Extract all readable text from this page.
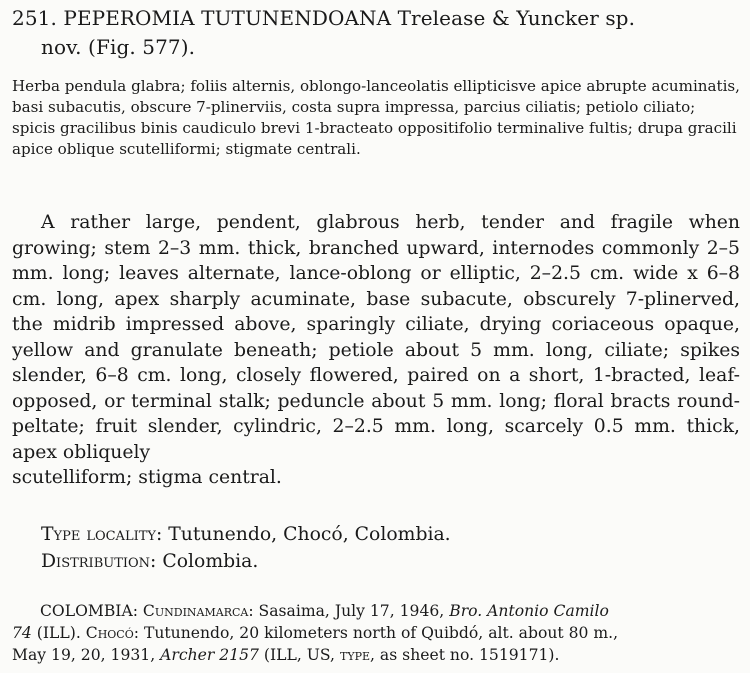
251. PEPEROMIA TUTUNENDOANA Trelease & Yuncker sp.
nov. (Fig. 577).
Herba pendula glabra; foliis alternis, oblongo-lanceolatis ellipticisve apice abrupte acuminatis, basi subacutis, obscure 7-plinerviis, costa supra impressa, parcius ciliatis; petiolo ciliato; spicis gracilibus binis caudiculo brevi 1-bracteato oppositifolio terminalive fultis; drupa gracili apice oblique scutelliformi; stigmate centrali.
A rather large, pendent, glabrous herb, tender and fragile when growing; stem 2–3 mm. thick, branched upward, internodes commonly 2–5 mm. long; leaves alternate, lance-oblong or elliptic, 2–2.5 cm. wide x 6–8 cm. long, apex sharply acuminate, base subacute, obscurely 7-plinerved, the midrib impressed above, sparingly ciliate, drying coriaceous opaque, yellow and granulate beneath; petiole about 5 mm. long, ciliate; spikes slender, 6–8 cm. long, closely flowered, paired on a short, 1-bracted, leaf-opposed, or terminal stalk; peduncle about 5 mm. long; floral bracts round-peltate; fruit slender, cylindric, 2–2.5 mm. long, scarcely 0.5 mm. thick, apex obliquely
scutelliform; stigma central.
Type locality: Tutunendo, Chocó, Colombia.
Distribution: Colombia.
COLOMBIA: Cundinamarca: Sasaima, July 17, 1946, Bro. Antonio Camilo
74 (ILL). Chocó: Tutunendo, 20 kilometers north of Quibdó, alt. about 80 m.,
May 19, 20, 1931, Archer 2157 (ILL, US, type, as sheet no. 1519171).
